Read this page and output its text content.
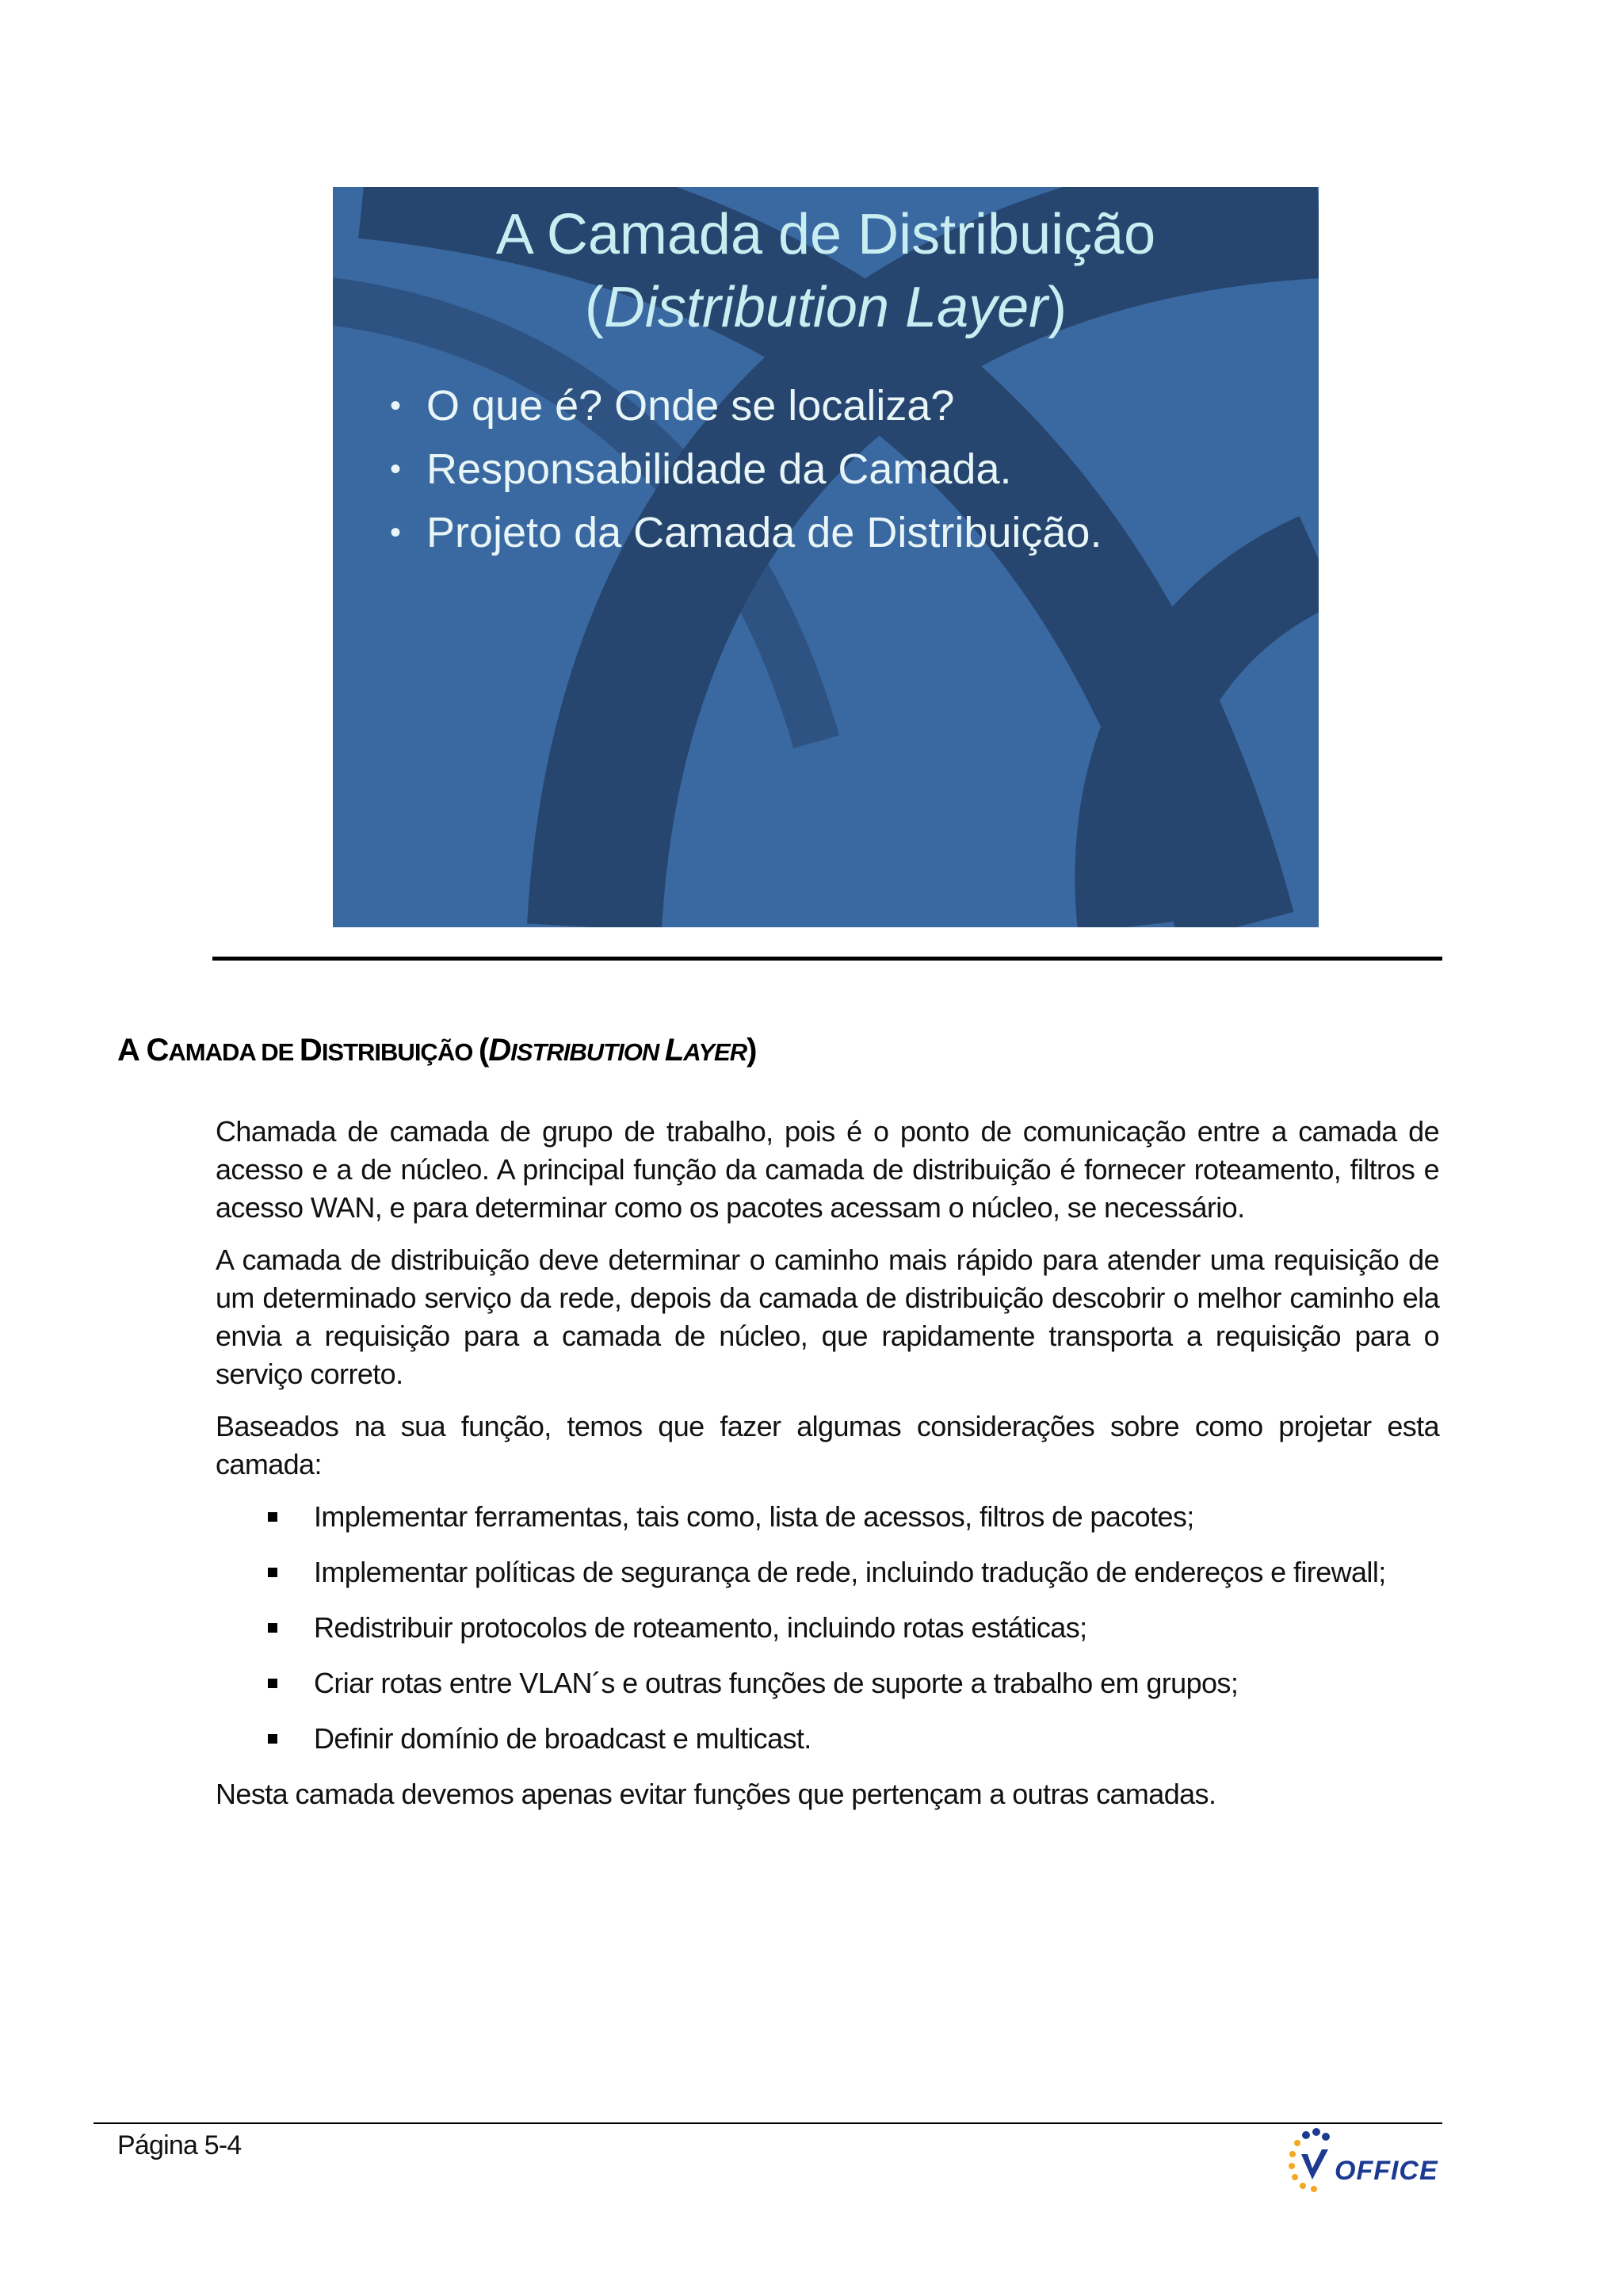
A Camada de Distribuição
(Distribution Layer)
• O que é? Onde se localiza?
• Responsabilidade da Camada.
• Projeto da Camada de Distribuição.
A CAMADA DE DISTRIBUIÇÃO (DISTRIBUTION LAYER)

Chamada de camada de grupo de trabalho, pois é o ponto de comunicação entre a camada de acesso e a de núcleo. A principal função da camada de distribuição é fornecer roteamento, filtros e acesso WAN, e para determinar como os pacotes acessam o núcleo, se necessário.

A camada de distribuição deve determinar o caminho mais rápido para atender uma requisição de um determinado serviço da rede, depois da camada de distribuição descobrir o melhor caminho ela envia a requisição para a camada de núcleo, que rapidamente transporta a requisição para o serviço correto.

Baseados na sua função, temos que fazer algumas considerações sobre como projetar esta camada:

Implementar ferramentas, tais como, lista de acessos, filtros de pacotes;
Implementar políticas de segurança de rede, incluindo tradução de endereços e firewall;
Redistribuir protocolos de roteamento, incluindo rotas estáticas;
Criar rotas entre VLAN´s e outras funções de suporte a trabalho em grupos;
Definir domínio de broadcast e multicast.

Nesta camada devemos apenas evitar funções que pertençam a outras camadas.

Página 5-4
OFFICE
